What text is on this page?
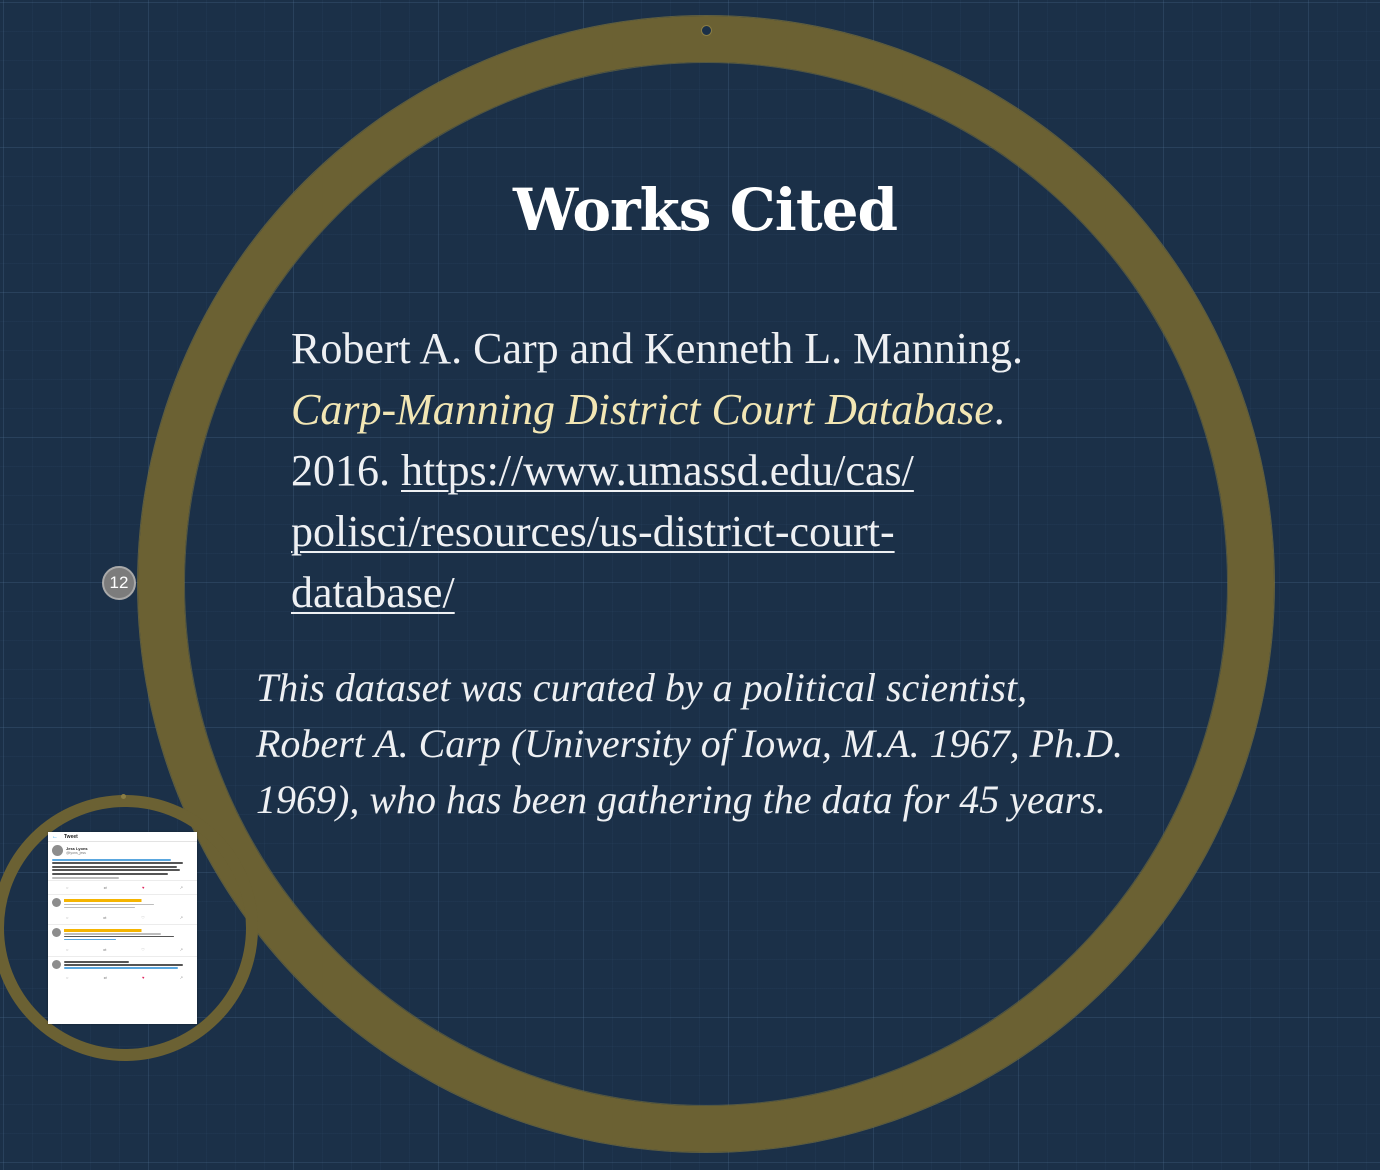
Works Cited
Robert A. Carp and Kenneth L. Manning.
Carp-Manning District Court Database.
2016. https://www.umassd.edu/cas/
polisci/resources/us-district-court-
database/
This dataset was curated by a political scientist,
Robert A. Carp (University of Iowa, M.A. 1967, Ph.D.
1969), who has been gathering the data for 45 years.
12
← Tweet
Jess Lyons
@lyons_jess
○	⇄	♥	↗
○	⇄	♡	↗
○	⇄	♡	↗
○	⇄	♥	↗
